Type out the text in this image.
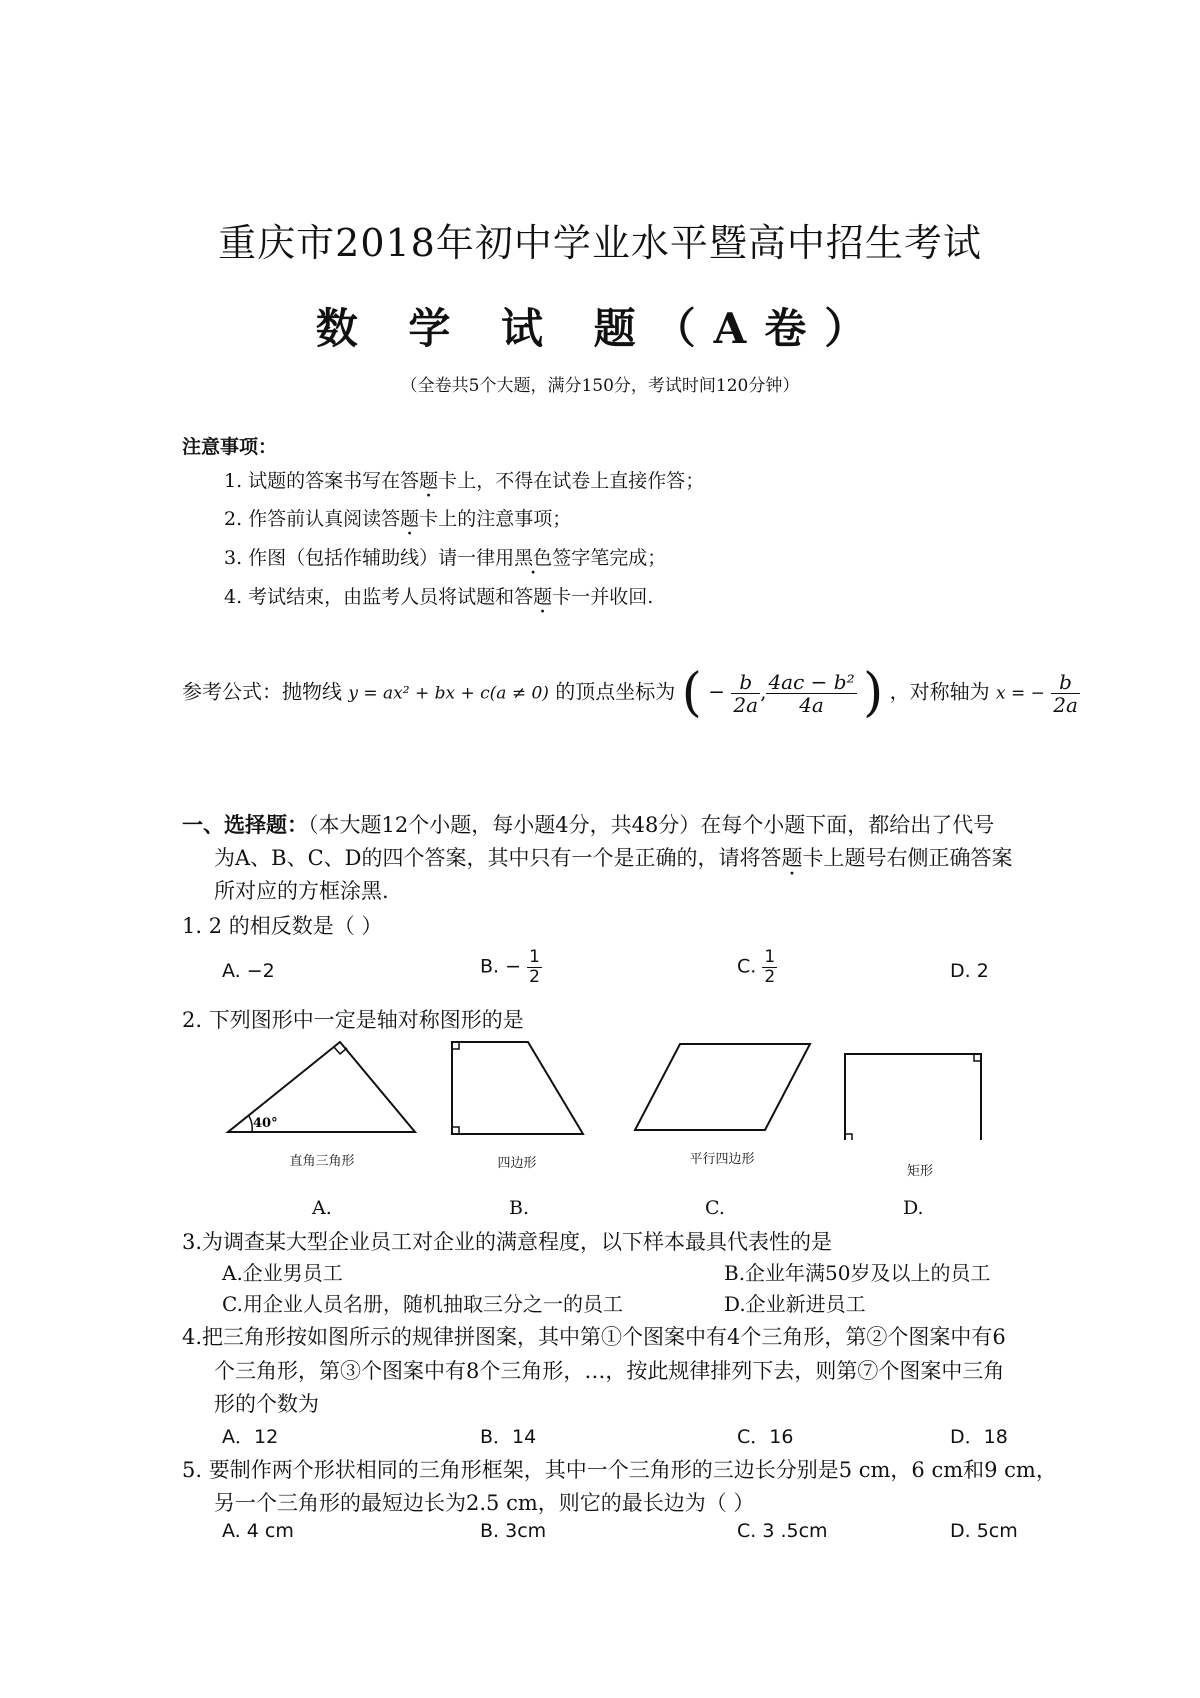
重庆市2018年初中学业水平暨高中招生考试
数 学 试 题（A卷）
（全卷共5个大题，满分150分，考试时间120分钟）
注意事项：
1. 试题的答案书写在答题卡上，不得在试卷上直接作答；
2. 作答前认真阅读答题卡上的注意事项；
3. 作图（包括作辅助线）请一律用黑色签字笔完成；
4. 考试结束，由监考人员将试题和答题卡一并收回.
参考公式：抛物线 y = ax² + bx + c(a ≠ 0) 的顶点坐标为 ( − $\frac{b}{2a}$ , $\frac{\text{4ac − b²}}{4a}$ ) ，对称轴为 x = − $\frac{b}{2a}$
一、选择题：（本大题12个小题，每小题4分，共48分）在每个小题下面，都给出了代号
为A、B、C、D的四个答案，其中只有一个是正确的，请将答题卡上题号右侧正确答案
所对应的方框涂黑.
1. 2 的相反数是（ ）
A. −2	B. − $\frac{1}{2}$	C. $\frac{1}{2}$	D. 2
2. 下列图形中一定是轴对称图形的是
40°
直角三角形	四边形	平行四边形
矩形
A.	B.	C.	D.
3.为调查某大型企业员工对企业的满意程度，以下样本最具代表性的是
A.企业男员工	B.企业年满50岁及以上的员工
C.用企业人员名册，随机抽取三分之一的员工	D.企业新进员工
4.把三角形按如图所示的规律拼图案，其中第①个图案中有4个三角形，第②个图案中有6
个三角形，第③个图案中有8个三角形，…，按此规律排列下去，则第⑦个图案中三角
形的个数为
A．12	B．14	C．16	D．18
5. 要制作两个形状相同的三角形框架，其中一个三角形的三边长分别是5 cm，6 cm和9 cm，
另一个三角形的最短边长为2.5 cm，则它的最长边为（ ）
A. 4 cm	B. 3cm	C. 3 .5cm	D. 5cm
